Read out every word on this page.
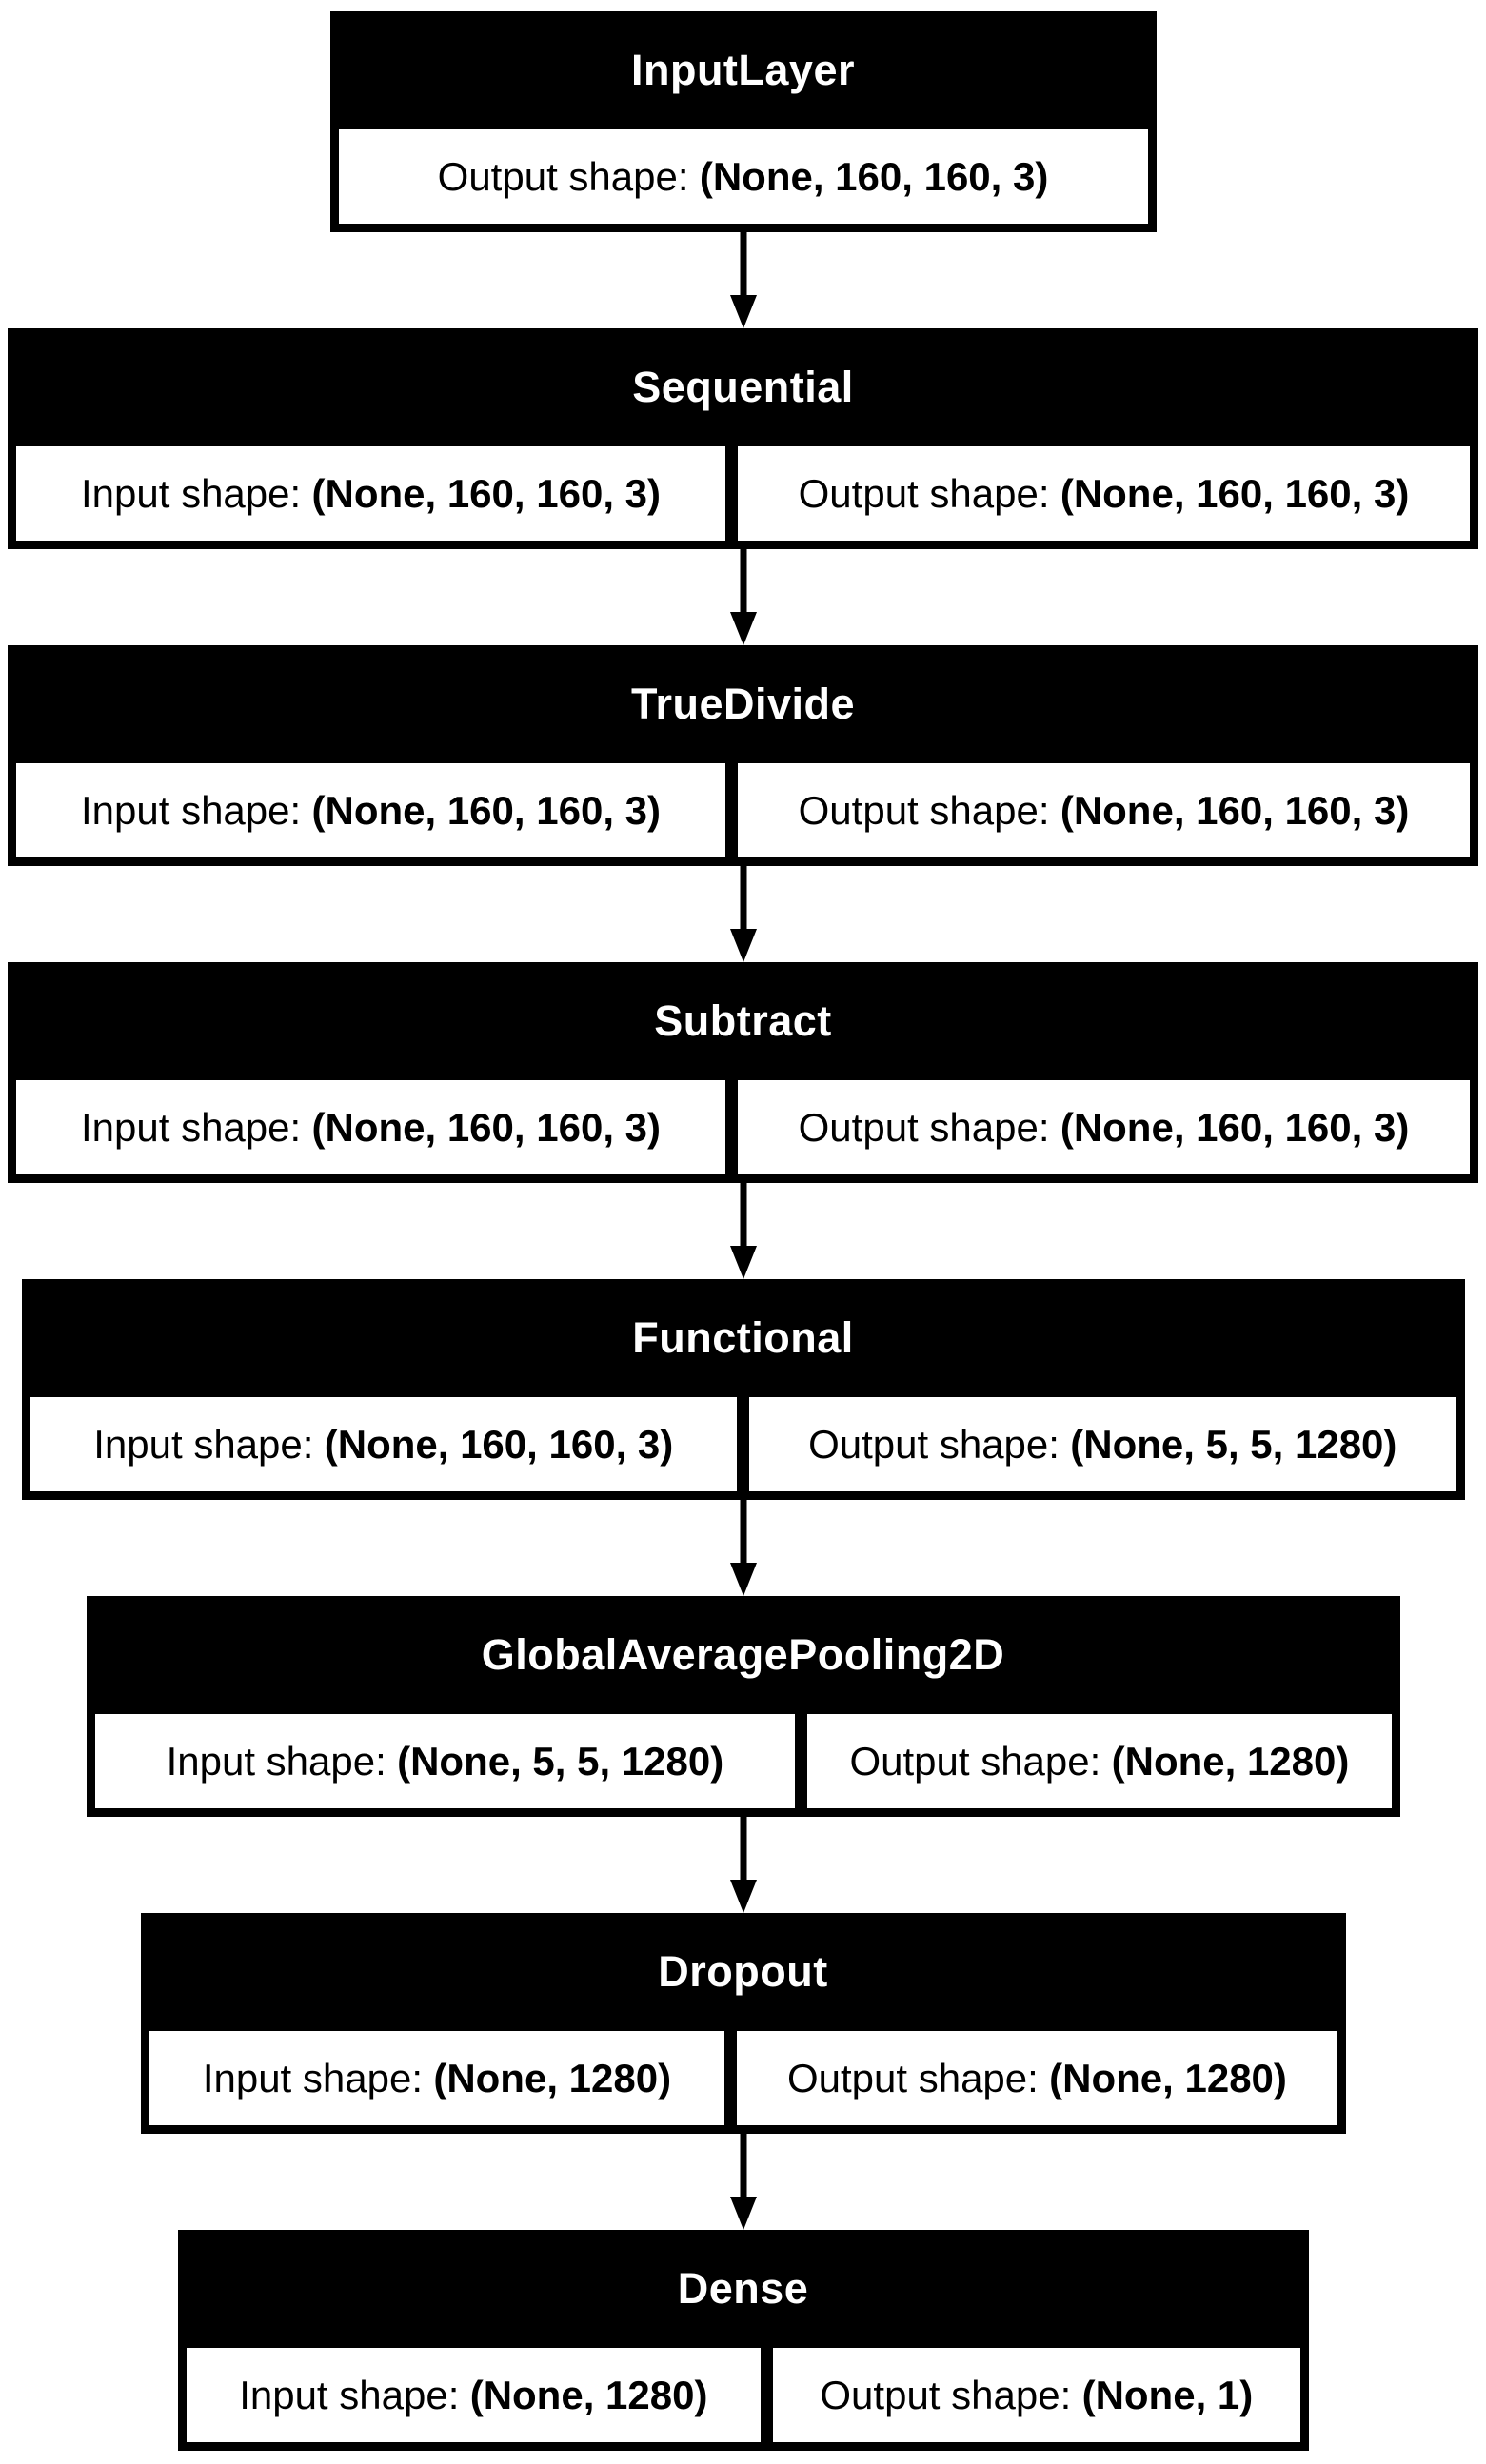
InputLayer
Output shape: (None, 160, 160, 3)
Sequential
Input shape: (None, 160, 160, 3)	Output shape: (None, 160, 160, 3)
TrueDivide
Input shape: (None, 160, 160, 3)	Output shape: (None, 160, 160, 3)
Subtract
Input shape: (None, 160, 160, 3)	Output shape: (None, 160, 160, 3)
Functional
Input shape: (None, 160, 160, 3)	Output shape: (None, 5, 5, 1280)
GlobalAveragePooling2D
Input shape: (None, 5, 5, 1280)	Output shape: (None, 1280)
Dropout
Input shape: (None, 1280)	Output shape: (None, 1280)
Dense
Input shape: (None, 1280)	Output shape: (None, 1)
